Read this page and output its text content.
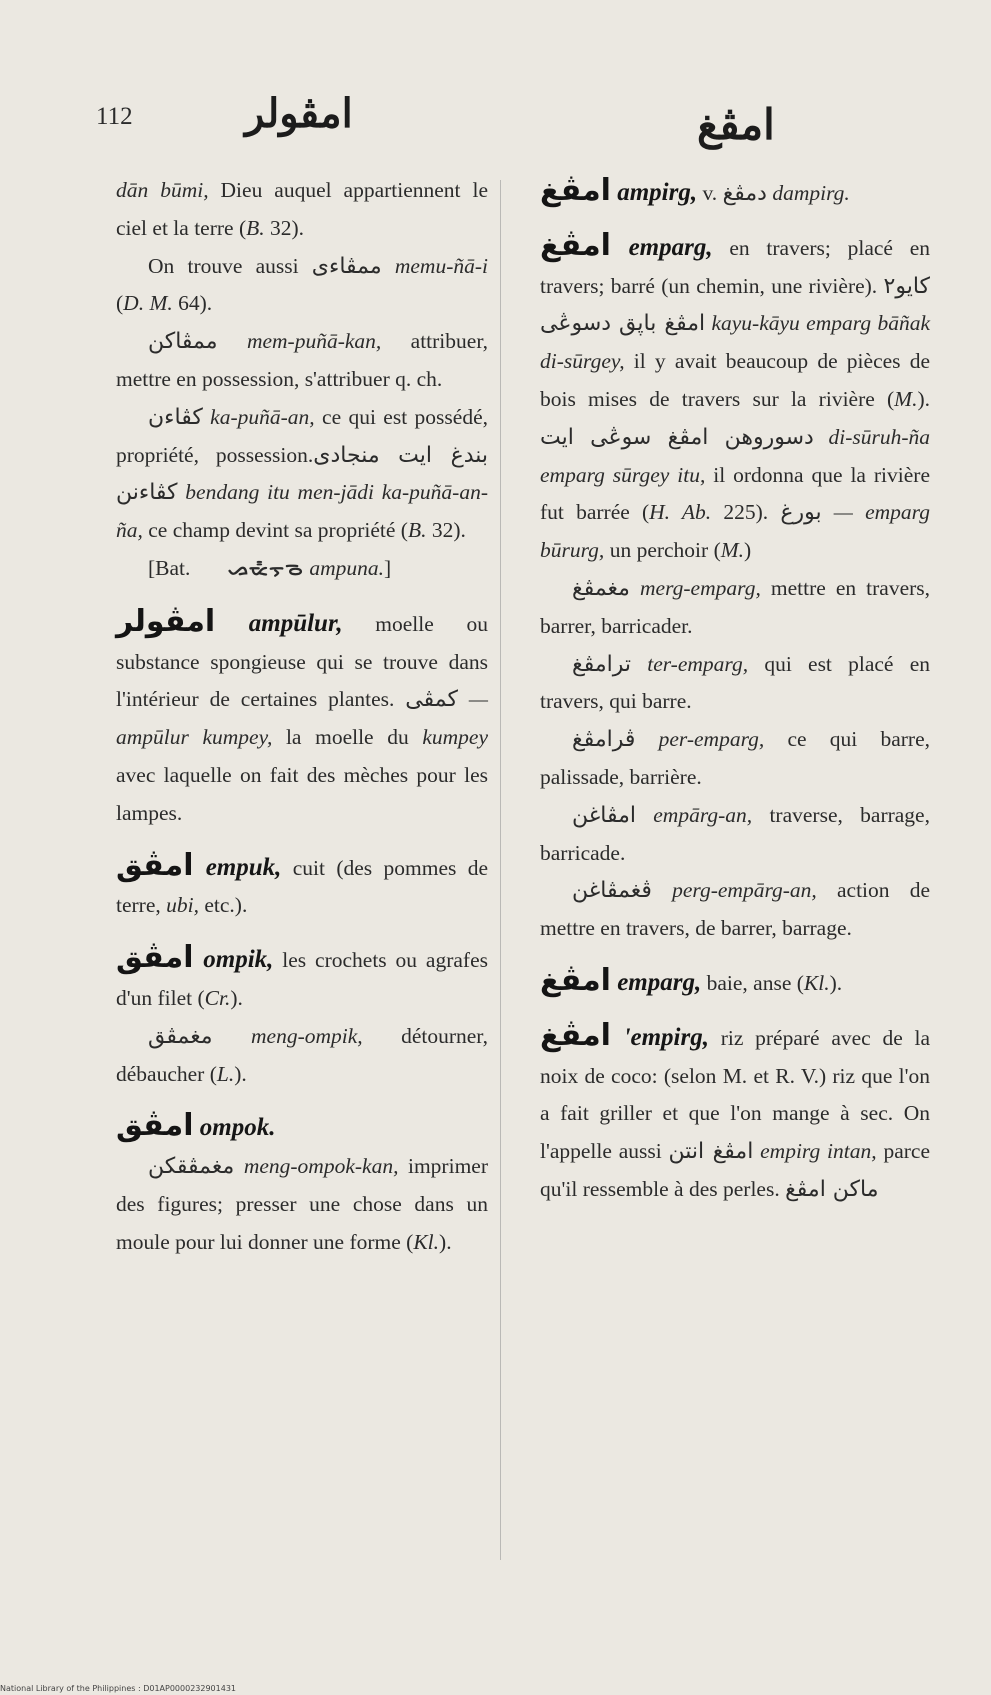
112	امڤولر	امڤغ

dān būmi, Dieu auquel appartiennent le ciel et la terre (B. 32).

On trouve aussi ممڤاءی memu-ñā-i (D. M. 64).

ممڤاکن mem-puñā-kan, attribuer, mettre en possession, s'attribuer q. ch.

کڤاءن ka-puñā-an, ce qui est possédé, propriété, possession.بندغ ایت منجادی کڤاءنن bendang itu men-jādi ka-puñā-an-ña, ce champ devint sa propriété (B. 32).

[Bat. ᯀᯔ᯦ᯇᯮᯉ ampuna.]

امڤولر ampūlur, moelle ou substance spongieuse qui se trouve dans l'intérieur de certaines plantes. کمڤی — ampūlur kumpey, la moelle du kumpey avec laquelle on fait des mèches pour les lampes.

امڤق empuk, cuit (des pommes de terre, ubi, etc.).

امڤق ompik, les crochets ou agrafes d'un filet (Cr.).

مغمڤق meng-ompik, détourner, débaucher (L.).

امڤق ompok.

مغمڤقکن meng-ompok-kan, imprimer des figures; presser une chose dans un moule pour lui donner une forme (Kl.).

امڤغ ampirg, v. دمڤغ dampirg.

امڤغ emparg, en travers; placé en travers; barré (un chemin, une rivière). کایو۲ امڤغ باڽق دسوڠی kayu-kāyu emparg bāñak di-sūrgey, il y avait beaucoup de pièces de bois mises de travers sur la rivière (M.). دسوروهن امڤغ سوڠی ایت di-sūruh-ña emparg sūrgey itu, il ordonna que la rivière fut barrée (H. Ab. 225). بورغ — emparg būrurg, un perchoir (M.)

مغمڤغ merg-emparg, mettre en travers, barrer, barricader.

ترامڤغ ter-emparg, qui est placé en travers, qui barre.

ڤرامڤغ per-emparg, ce qui barre, palissade, barrière.

امڤاغن empārg-an, traverse, barrage, barricade.

ڤغمڤاغن perg-empārg-an, action de mettre en travers, de barrer, barrage.

امڤغ emparg, baie, anse (Kl.).

امڤغ 'empirg, riz préparé avec de la noix de coco: (selon M. et R. V.) riz que l'on a fait griller et que l'on mange à sec. On l'appelle aussi امڤغ انتن empirg intan, parce qu'il ressemble à des perles. ماکن امڤغ

National Library of the Philippines : D01AP0000232901431
